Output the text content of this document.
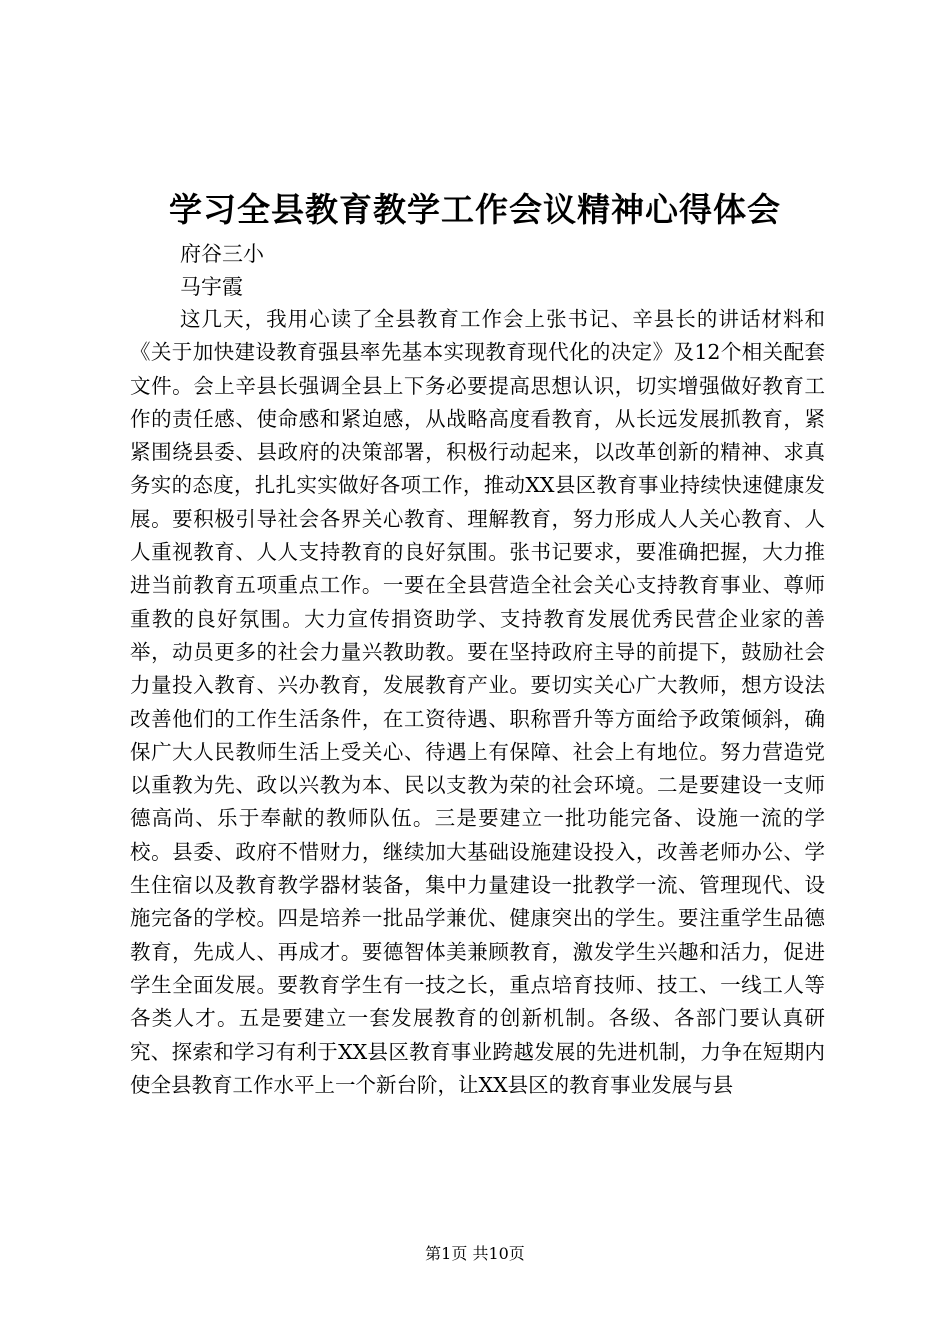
学习全县教育教学工作会议精神心得体会
府谷三小
马宇霞

这几天，我用心读了全县教育工作会上张书记、辛县长的讲话材料和《关于加快建设教育强县率先基本实现教育现代化的决定》及12个相关配套文件。会上辛县长强调全县上下务必要提高思想认识，切实增强做好教育工作的责任感、使命感和紧迫感，从战略高度看教育，从长远发展抓教育，紧紧围绕县委、县政府的决策部署，积极行动起来，以改革创新的精神、求真务实的态度，扎扎实实做好各项工作，推动XX县区教育事业持续快速健康发展。要积极引导社会各界关心教育、理解教育，努力形成人人关心教育、人人重视教育、人人支持教育的良好氛围。张书记要求，要准确把握，大力推进当前教育五项重点工作。一要在全县营造全社会关心支持教育事业、尊师重教的良好氛围。大力宣传捐资助学、支持教育发展优秀民营企业家的善举，动员更多的社会力量兴教助教。要在坚持政府主导的前提下，鼓励社会力量投入教育、兴办教育，发展教育产业。要切实关心广大教师，想方设法改善他们的工作生活条件，在工资待遇、职称晋升等方面给予政策倾斜，确保广大人民教师生活上受关心、待遇上有保障、社会上有地位。努力营造党以重教为先、政以兴教为本、民以支教为荣的社会环境。二是要建设一支师德高尚、乐于奉献的教师队伍。三是要建立一批功能完备、设施一流的学校。县委、政府不惜财力，继续加大基础设施建设投入，改善老师办公、学生住宿以及教育教学器材装备，集中力量建设一批教学一流、管理现代、设施完备的学校。四是培养一批品学兼优、健康突出的学生。要注重学生品德教育，先成人、再成才。要德智体美兼顾教育，激发学生兴趣和活力，促进学生全面发展。要教育学生有一技之长，重点培育技师、技工、一线工人等各类人才。五是要建立一套发展教育的创新机制。各级、各部门要认真研究、探索和学习有利于XX县区教育事业跨越发展的先进机制，力争在短期内使全县教育工作水平上一个新台阶，让XX县区的教育事业发展与县

第1页 共10页
